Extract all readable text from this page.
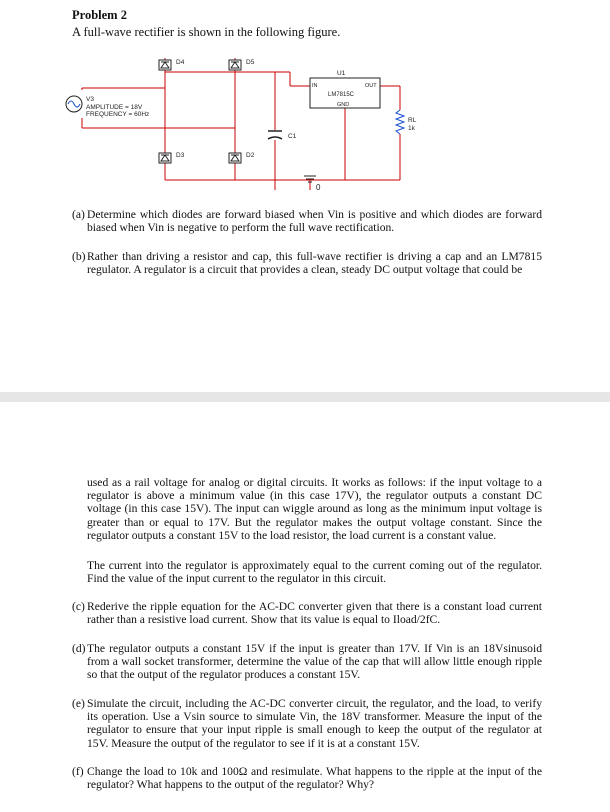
Problem 2
A full-wave rectifier is shown in the following figure.
D4	D5
D3	D2
V3
AMPLITUDE = 18V
FREQUENCY = 60Hz
C1
U1
IN	OUT
LM7815C
GND
RL
1k
0
(a) Determine which diodes are forward biased when Vin is positive and which diodes are forward biased when Vin is negative to perform the full wave rectification.
(b) Rather than driving a resistor and cap, this full-wave rectifier is driving a cap and an LM7815 regulator. A regulator is a circuit that provides a clean, steady DC output voltage that could be
used as a rail voltage for analog or digital circuits. It works as follows: if the input voltage to a regulator is above a minimum value (in this case 17V), the regulator outputs a constant DC voltage (in this case 15V). The input can wiggle around as long as the minimum input voltage is greater than or equal to 17V. But the regulator makes the output voltage constant. Since the regulator outputs a constant 15V to the load resistor, the load current is a constant value.
The current into the regulator is approximately equal to the current coming out of the regulator. Find the value of the input current to the regulator in this circuit.
(c) Rederive the ripple equation for the AC-DC converter given that there is a constant load current rather than a resistive load current. Show that its value is equal to Iload/2fC.
(d) The regulator outputs a constant 15V if the input is greater than 17V. If Vin is an 18Vsinusoid from a wall socket transformer, determine the value of the cap that will allow little enough ripple so that the output of the regulator produces a constant 15V.
(e) Simulate the circuit, including the AC-DC converter circuit, the regulator, and the load, to verify its operation. Use a Vsin source to simulate Vin, the 18V transformer. Measure the input of the regulator to ensure that your input ripple is small enough to keep the output of the regulator at 15V. Measure the output of the regulator to see if it is at a constant 15V.
(f) Change the load to 10k and 100Ω and resimulate. What happens to the ripple at the input of the regulator? What happens to the output of the regulator? Why?
